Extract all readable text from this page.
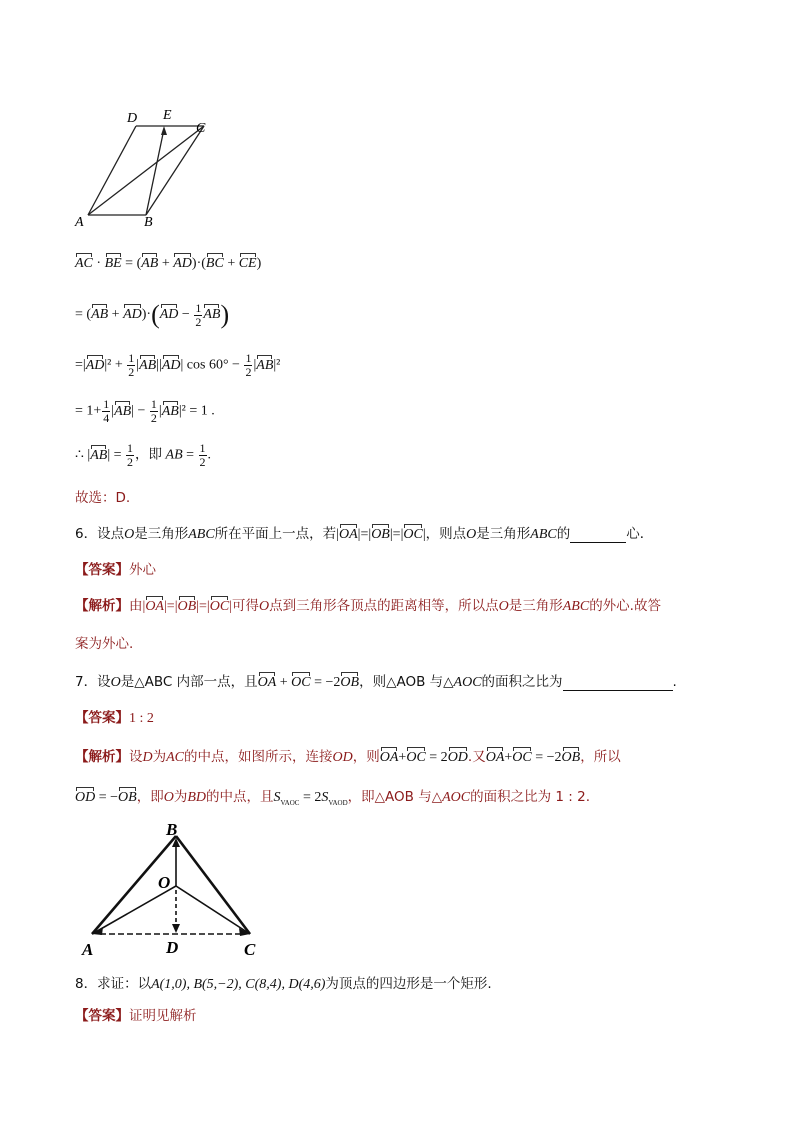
D E
C
A	B
AC · BE = (AB + AD)·(BC + CE)
= $(AB + AD)\cdot(AD - \frac{1}{2} AB)$
$=|AD|^2 + \frac{1}{2} |AB||AD|$ $\cos 60^\circ - \frac{1}{2} |AB|^2$
= $1+ \frac{1}{4} |AB| - \frac{1}{2} |AB|^2 = 1$ .
∴ $|AB| = \frac{1}{2}$ ，即 AB = $\frac{1}{2}$ .
故选：D.
6．设点O是三角形ABC所在平面上一点，若|OA|=|OB|=|OC|，则点O是三角形ABC的	心．
【答案】外心
【解析】由|OA|=|OB|=|OC|可得O点到三角形各顶点的距离相等，所以点O是三角形ABC的外心.故答
案为外心.
7．设O是△ABC 内部一点，且OA + OC = −2OB，则△AOB 与△AOC的面积之比为	.
【答案】1 : 2
【解析】设D为AC的中点，如图所示，连接OD，则OA+OC = 2OD.又OA+OC = −2OB，所以
OD = −OB，即O为BD的中点，且$S_{VAOC} = 2S_{VAOD}$，即△AOB 与△AOC的面积之比为 1 : 2.
B
O
A	D	C
8．求证：以A(1,0), B(5,−2), C(8,4), D(4,6)为顶点的四边形是一个矩形.
【答案】证明见解析
